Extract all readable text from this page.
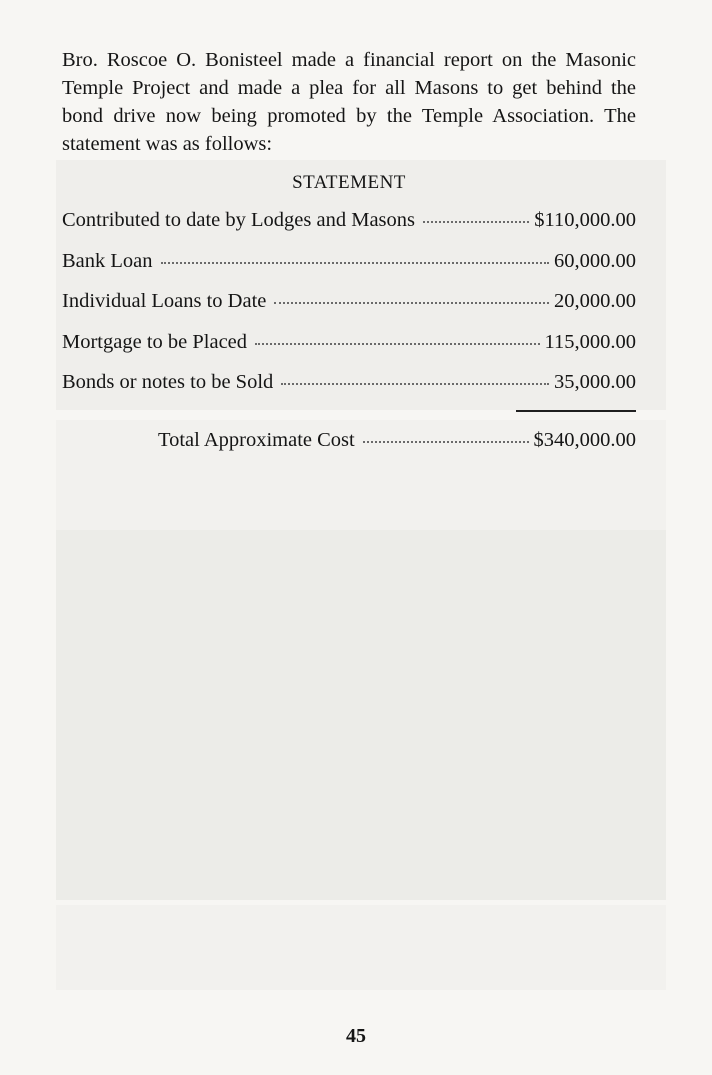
Bro. Roscoe O. Bonisteel made a financial report on the Masonic Temple Project and made a plea for all Masons to get behind the bond drive now being promoted by the Temple Association. The statement was as follows:

STATEMENT
Contributed to date by Lodges and Masons	$110,000.00
Bank Loan	60,000.00
Individual Loans to Date	20,000.00
Mortgage to be Placed	115,000.00
Bonds or notes to be Sold	35,000.00
Total Approximate Cost	$340,000.00
45
